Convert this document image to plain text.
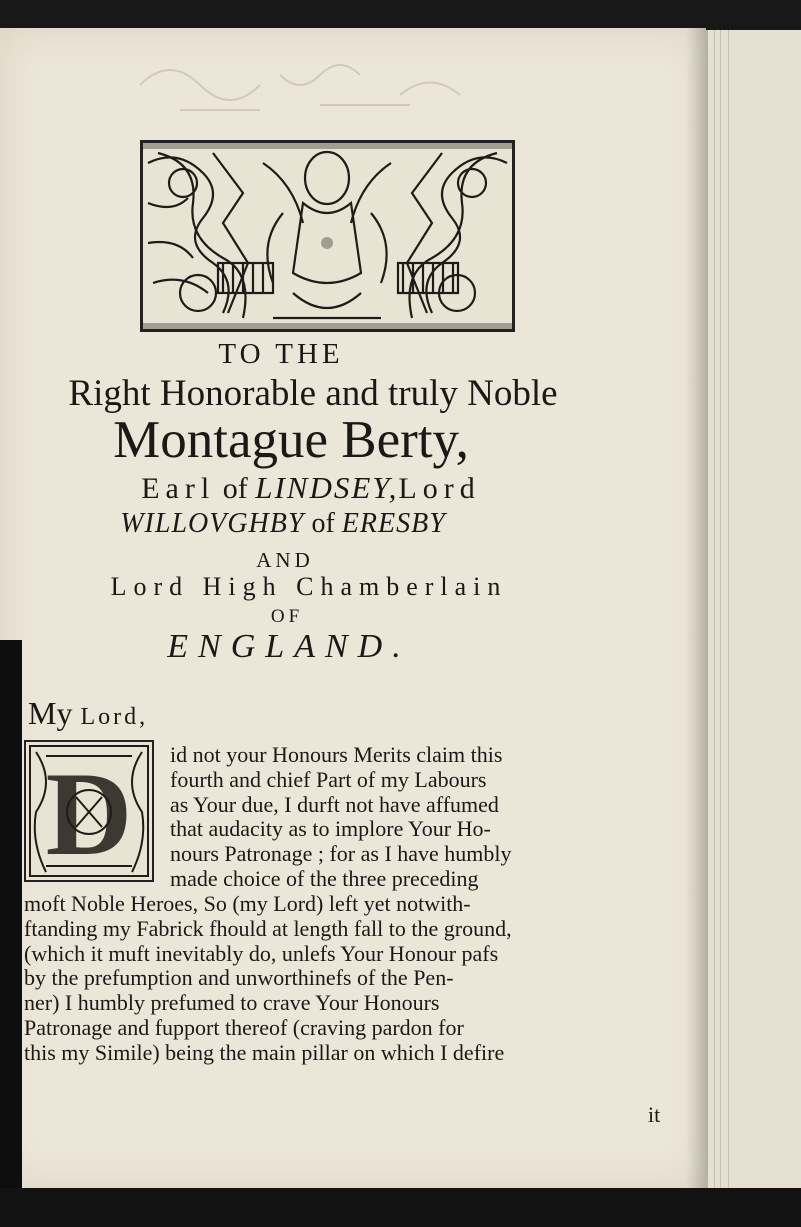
TO THE
Right Honorable and truly Noble
Montague Berty,
Earl of LINDSEY,Lord
WILLOVGHBY of ERESBY
AND
Lord High Chamberlain
OF
ENGLAND.
My Lord,
D id not your Honours Merits claim this
fourth and chief Part of my Labours
as Your due, I durft not have affumed
that audacity as to implore Your Ho-
nours Patronage ; for as I have humbly
made choice of the three preceding
moft Noble Heroes, So (my Lord) left yet notwith-
ftanding my Fabrick fhould at length fall to the ground,
(which it muft inevitably do, unlefs Your Honour pafs
by the prefumption and unworthinefs of the Pen-
ner) I humbly prefumed to crave Your Honours
Patronage and fupport thereof (craving pardon for
this my Simile) being the main pillar on which I defire
it
